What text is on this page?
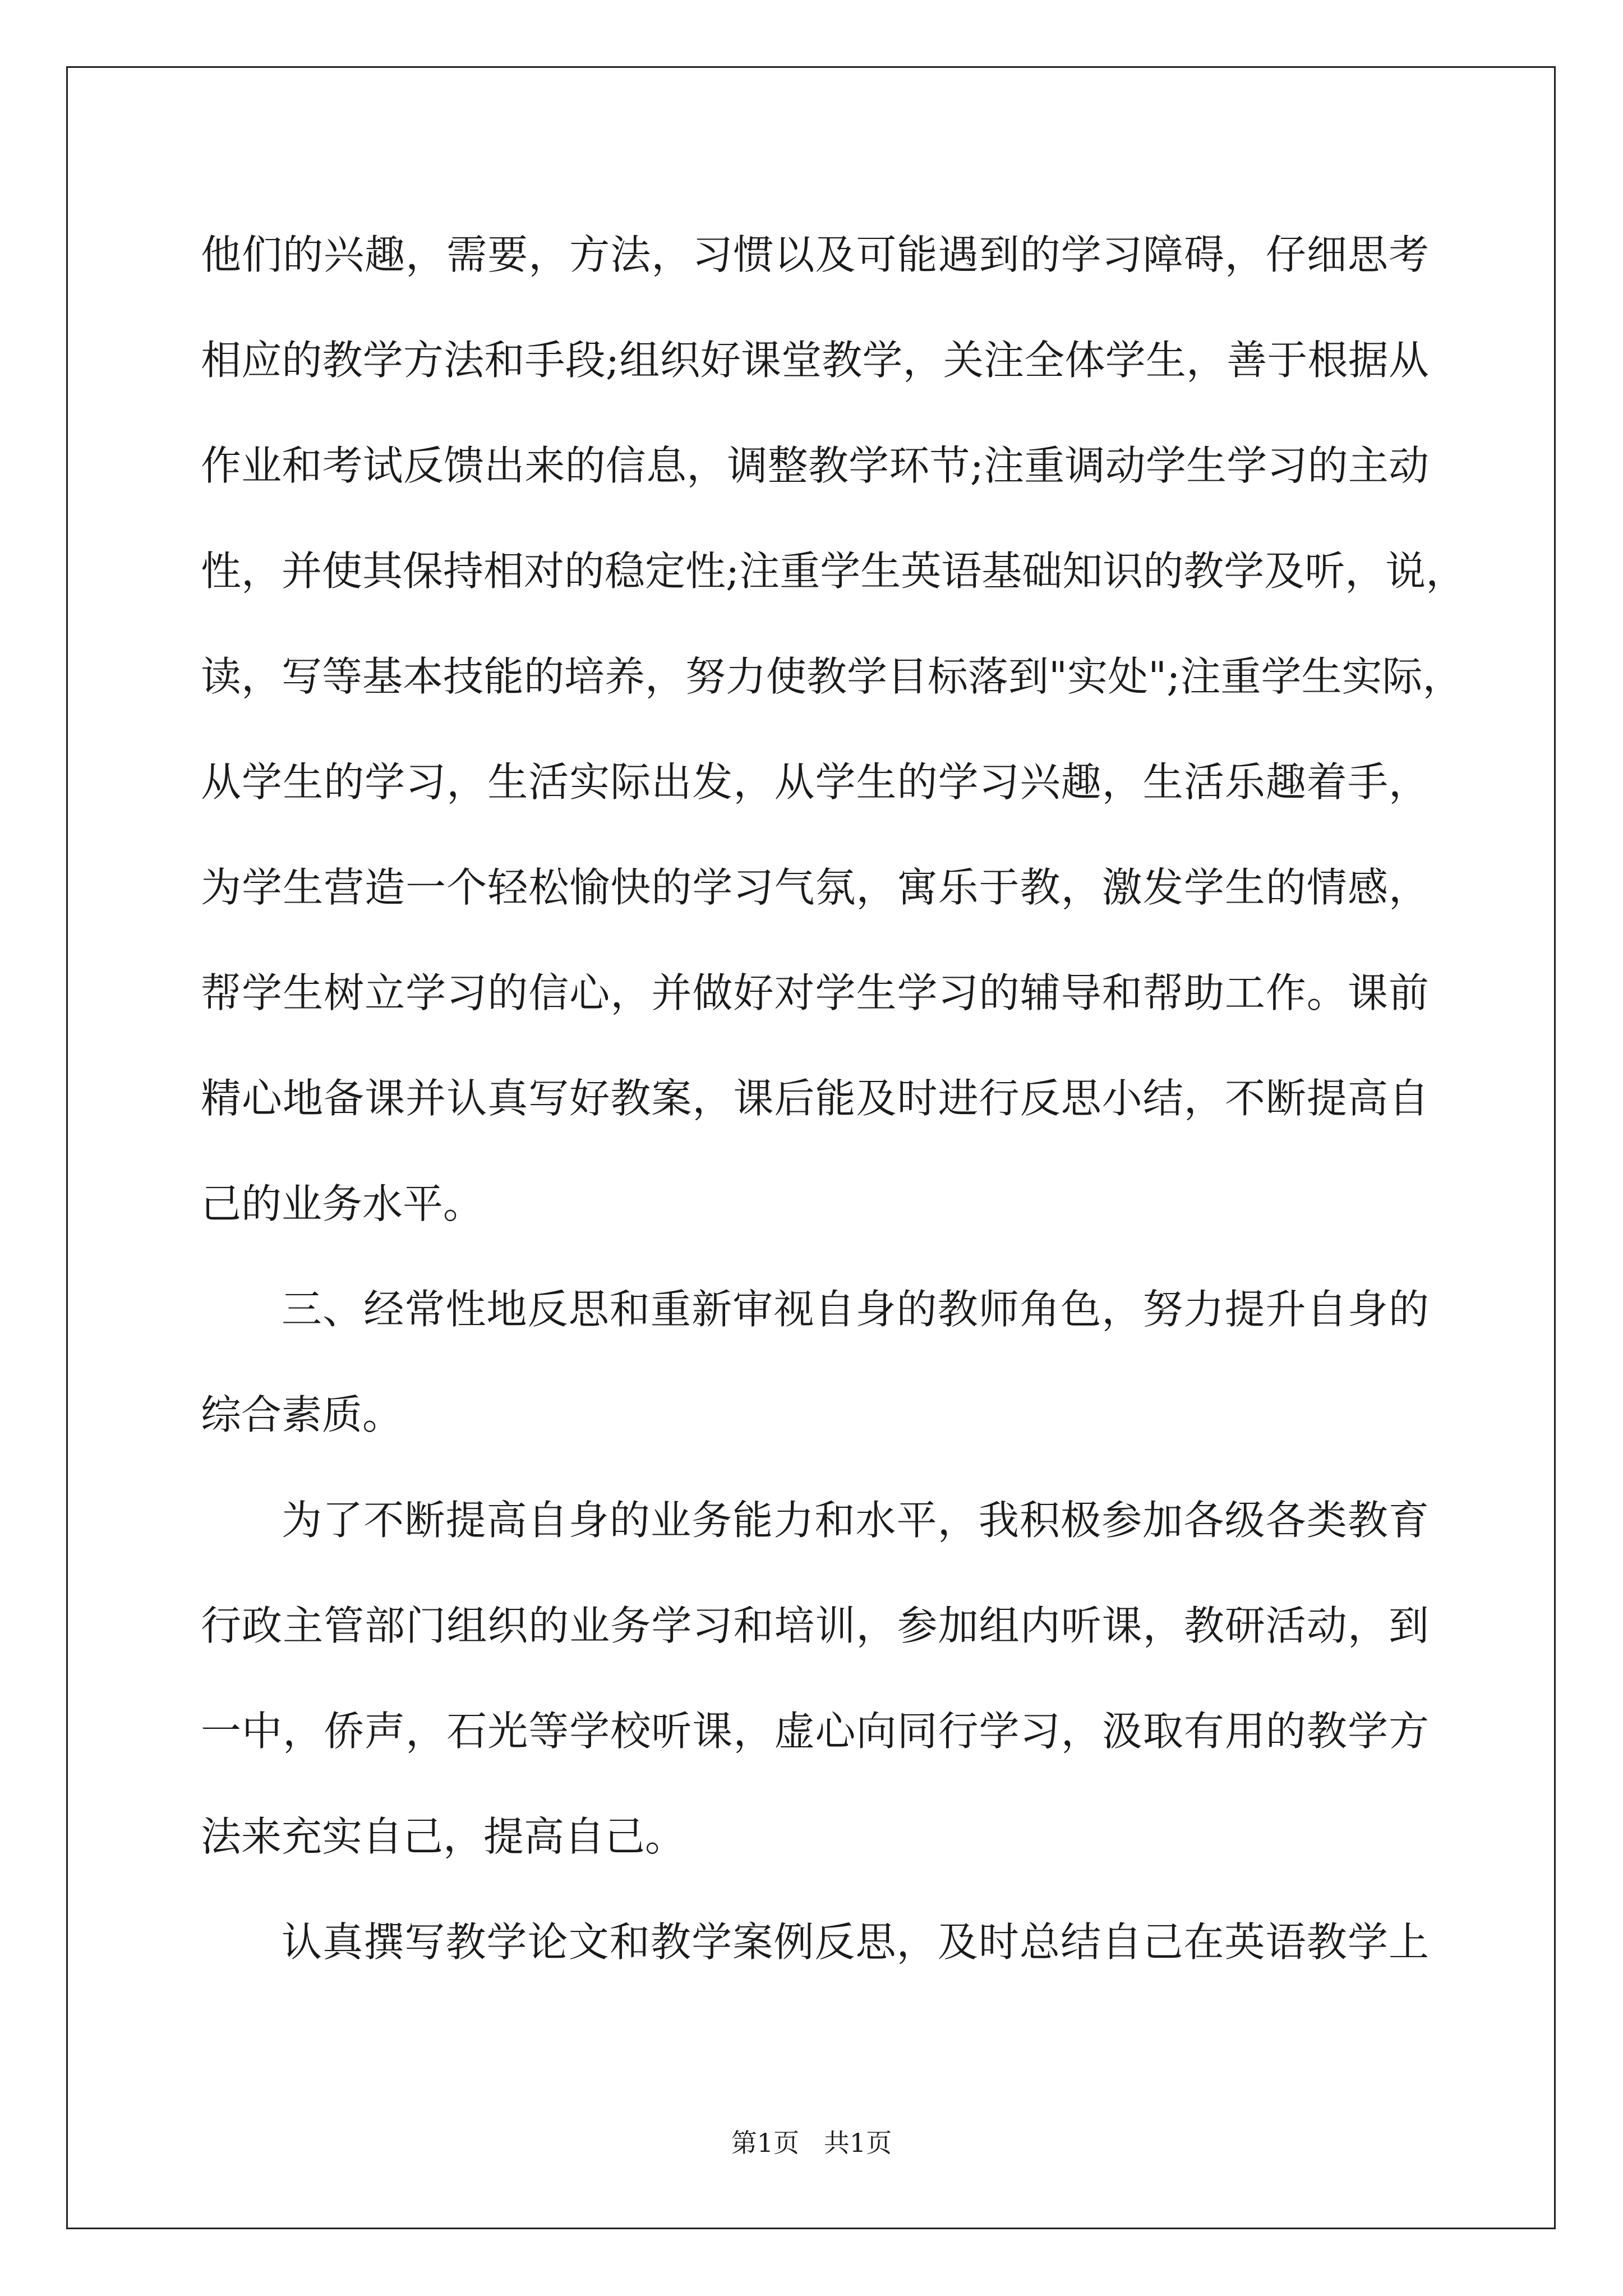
他们的兴趣，需要，方法，习惯以及可能遇到的学习障碍，仔细思考
相应的教学方法和手段;组织好课堂教学，关注全体学生，善于根据从
作业和考试反馈出来的信息，调整教学环节;注重调动学生学习的主动
性，并使其保持相对的稳定性;注重学生英语基础知识的教学及听，说，
读，写等基本技能的培养，努力使教学目标落到"实处";注重学生实际，
从学生的学习，生活实际出发，从学生的学习兴趣，生活乐趣着手，
为学生营造一个轻松愉快的学习气氛，寓乐于教，激发学生的情感，
帮学生树立学习的信心，并做好对学生学习的辅导和帮助工作。课前
精心地备课并认真写好教案，课后能及时进行反思小结，不断提高自
己的业务水平。
三、经常性地反思和重新审视自身的教师角色，努力提升自身的
综合素质。
为了不断提高自身的业务能力和水平，我积极参加各级各类教育
行政主管部门组织的业务学习和培训，参加组内听课，教研活动，到
一中，侨声，石光等学校听课，虚心向同行学习，汲取有用的教学方
法来充实自己，提高自己。
认真撰写教学论文和教学案例反思，及时总结自己在英语教学上
第1页   共1页
